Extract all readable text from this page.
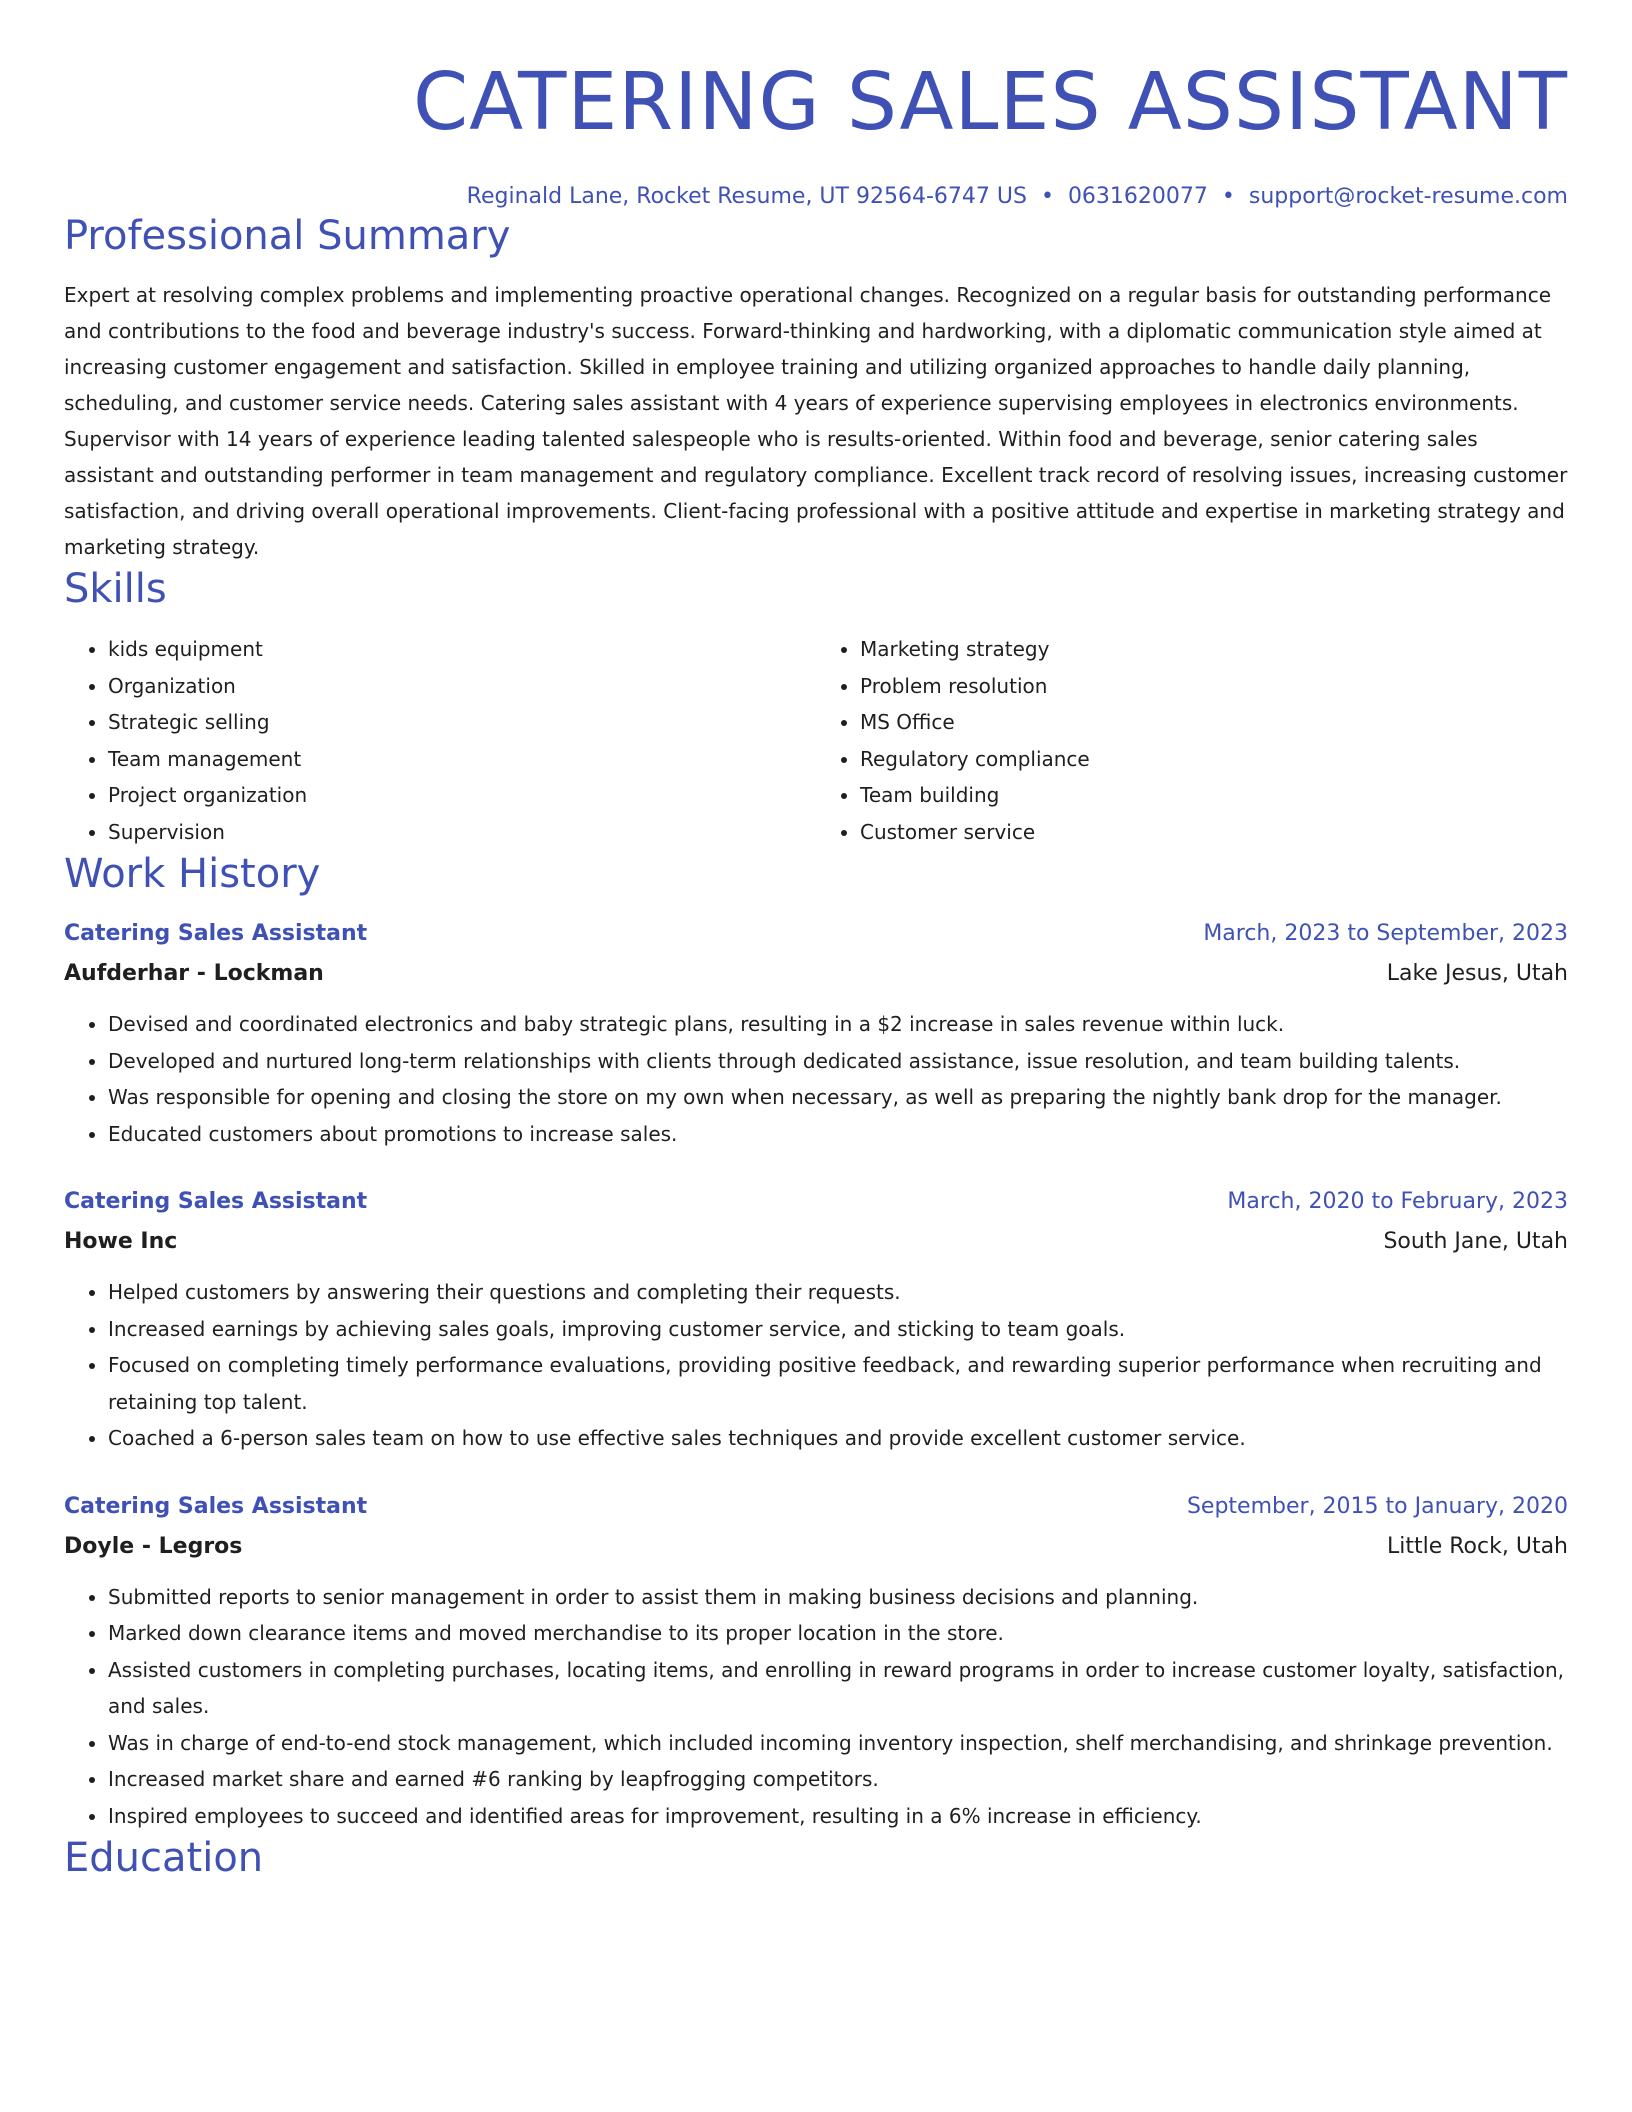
CATERING SALES ASSISTANT
Reginald Lane, Rocket Resume, UT 92564-6747 US • 0631620077 • support@rocket-resume.com
Professional Summary
Expert at resolving complex problems and implementing proactive operational changes. Recognized on a regular basis for outstanding performance and contributions to the food and beverage industry's success. Forward-thinking and hardworking, with a diplomatic communication style aimed at increasing customer engagement and satisfaction. Skilled in employee training and utilizing organized approaches to handle daily planning, scheduling, and customer service needs. Catering sales assistant with 4 years of experience supervising employees in electronics environments. Supervisor with 14 years of experience leading talented salespeople who is results-oriented. Within food and beverage, senior catering sales assistant and outstanding performer in team management and regulatory compliance. Excellent track record of resolving issues, increasing customer satisfaction, and driving overall operational improvements. Client-facing professional with a positive attitude and expertise in marketing strategy and marketing strategy.
Skills
• kids equipment
• Organization
• Strategic selling
• Team management
• Project organization
• Supervision
• Marketing strategy
• Problem resolution
• MS Office
• Regulatory compliance
• Team building
• Customer service
Work History
Catering Sales Assistant	March, 2023 to September, 2023
Aufderhar - Lockman	Lake Jesus, Utah
• Devised and coordinated electronics and baby strategic plans, resulting in a $2 increase in sales revenue within luck.
• Developed and nurtured long-term relationships with clients through dedicated assistance, issue resolution, and team building talents.
• Was responsible for opening and closing the store on my own when necessary, as well as preparing the nightly bank drop for the manager.
• Educated customers about promotions to increase sales.
Catering Sales Assistant	March, 2020 to February, 2023
Howe Inc	South Jane, Utah
• Helped customers by answering their questions and completing their requests.
• Increased earnings by achieving sales goals, improving customer service, and sticking to team goals.
• Focused on completing timely performance evaluations, providing positive feedback, and rewarding superior performance when recruiting and retaining top talent.
• Coached a 6-person sales team on how to use effective sales techniques and provide excellent customer service.
Catering Sales Assistant	September, 2015 to January, 2020
Doyle - Legros	Little Rock, Utah
• Submitted reports to senior management in order to assist them in making business decisions and planning.
• Marked down clearance items and moved merchandise to its proper location in the store.
• Assisted customers in completing purchases, locating items, and enrolling in reward programs in order to increase customer loyalty, satisfaction, and sales.
• Was in charge of end-to-end stock management, which included incoming inventory inspection, shelf merchandising, and shrinkage prevention.
• Increased market share and earned #6 ranking by leapfrogging competitors.
• Inspired employees to succeed and identified areas for improvement, resulting in a 6% increase in efficiency.
Education
